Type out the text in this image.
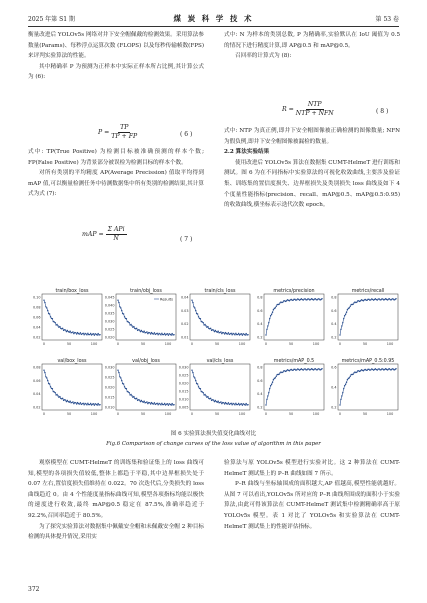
2025 年第 S1 期	煤 炭 科 学 技 术	第 53 卷

衡量改进后 YOLOv5s 网络对井下安全帽佩戴的检测效果。采用算法参数量(Params)、每秒浮点运算次数 (FLOPS) 以及每秒传输帧数(FPS)来评判实验算法的性能。

其中精确率 P 为预测为正样本中实际正样本所占比例,其计算公式为 (6):

$P = \frac{TP}{TP + FP}$	( 6 )

式中: TP(True Positive) 为检测目标被准确预测的样本个数; FP(False Positive) 为背景部分被误检为检测目标的样本个数。

对所有类别的平均精度 AP(Average Precission) 值取平均得到 mAP 值,可以衡量检测任务中待测数据集中所有类别的检测结果,其计算式为式 (7):

mAP = $\frac{\text{Σ APi}}{N}$	( 7 )

式中: N 为样本的类别总数, P 为精确率,实验默认在 IoU 阈值为 0.5 的情况下进行精度计算,即 AP@0.5 和 mAP@0.5。

召回率的计算式为 (8):

$R = \frac{\text{NTP}}{\text{NTP + NFN}}$	( 8 )

式中: NTP 为真正例,即井下安全帽图像被正确检测的图像数量; NFN 为假负例,即井下安全帽图像被漏检的数量。

2.2 算法实验结果

使用改进后 YOLOv5s 算法在数据集 CUMT-HelmeT 进行训练和测试。图 6 为在不同指标中实验算法的可视化收敛曲线,主要涉及验证集、训练集的置信度损失、边界框损失及类别损失 loss 曲线及如下 4 个度量性能指标(precision、recall、mAP@0.5、mAP@0.5:0.95)的收敛曲线,横坐标表示迭代次数 epoch。

train/box_loss
0.10
0.08
0.06
0.04
0.02
0	50	100
train/obj_loss
0.045
0.040
0.035
0.030
0.025
0.020
0	50	100
Results
train/cls_loss
0.04
0.03
0.02
0.01
0	50	100
metrics/precision
0.8
0.6
0.4
0.2
0	50	100
metrics/recall
0.8
0.6
0.4
0.2
0	50	100
val/box_loss
0.08
0.06
0.04
0.02
0	50	100
val/obj_loss
0.030
0.025
0.020
0.015
0.010
0	50	100
val/cls_loss
0.030
0.025
0.020
0.015
0.010
0.005
0	50	100
metrics/mAP_0.5
0.8
0.6
0.4
0.2
0	50	100
metrics/mAP_0.5:0.95
0.6
0.4
0.2
0	50	100
图 6 实验算法损失值变化曲线对比
Fig.6 Comparison of change curves of the loss value of algorithm in this paper

观察模型在 CUMT-HelmeT 的训练集和验证集上的 loss 曲线可知,模型的各项损失值较低,整体上都趋于平稳,其中边界框损失处于 0.07 左右,置信度损失值维持在 0.022。70 次迭代后,分类损失的 loss 曲线趋近 0。由 4 个性能度量指标曲线可知,模型各项指标均能以极快的速度进行收敛,最终 mAP@0.5 稳定在 87.5%,准确率趋近于 92.2%,召回率趋近于 80.5%。

为了探究实验算法对数据集中佩戴安全帽和未佩戴安全帽 2 种目标检测的具体提升情况,采用实

验算法与原 YOLOv5s 模型进行实验对比。这 2 种算法在 CUMT-HelmeT 测试集上的 P–R 曲线如图 7 所示。

P–R 曲线与坐标轴围成的面积越大,AP 值越高,模型性能就越好。从图 7 可以看出,YOLOv5s 所对应的 P–R 曲线所围成的面积小于实验算法,由此可得该算法在 CUMT-HelmeT 测试集中检测精确率高于原 YOLOv5s 模型。表 1 对比了 YOLOv5s 和实验算法在 CUMT-HelmeT 测试集上的性能评估指标。

372
